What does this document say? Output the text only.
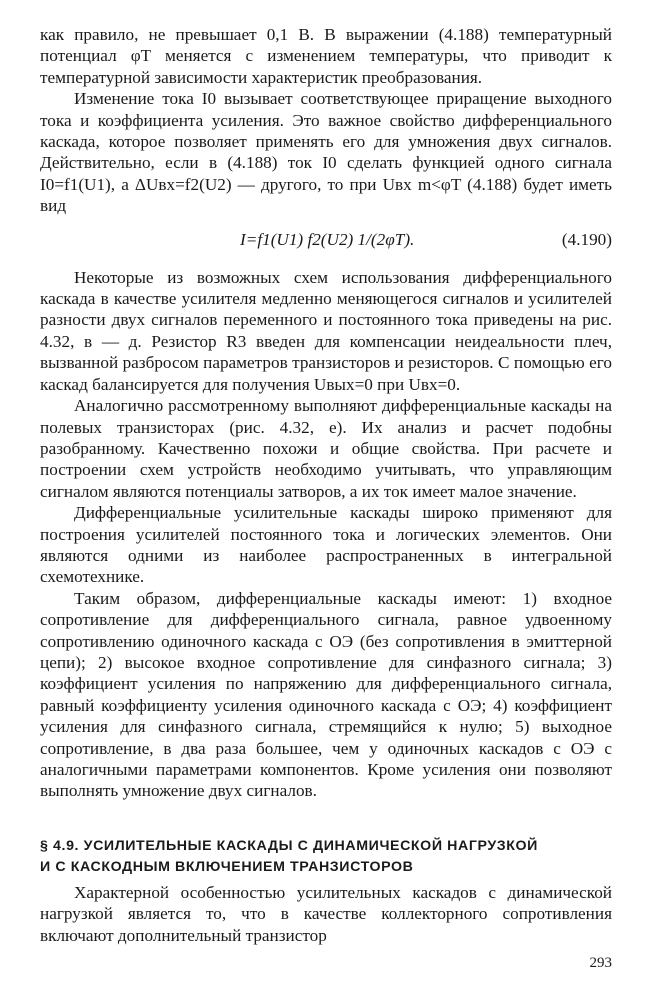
как правило, не превышает 0,1 В. В выражении (4.188) температурный потенциал φT меняется с изменением температуры, что приводит к температурной зависимости характеристик преобразования.

Изменение тока I0 вызывает соответствующее приращение выходного тока и коэффициента усиления. Это важное свойство дифференциального каскада, которое позволяет применять его для умножения двух сигналов. Действительно, если в (4.188) ток I0 сделать функцией одного сигнала I0=f1(U1), а ΔUвх=f2(U2) — другого, то при Uвх m<φT (4.188) будет иметь вид

I=f1(U1) f2(U2) 1/(2φT).	(4.190)

Некоторые из возможных схем использования дифференциального каскада в качестве усилителя медленно меняющегося сигналов и усилителей разности двух сигналов переменного и постоянного тока приведены на рис. 4.32, в — д. Резистор R3 введен для компенсации неидеальности плеч, вызванной разбросом параметров транзисторов и резисторов. С помощью его каскад балансируется для получения Uвых=0 при Uвх=0.

Аналогично рассмотренному выполняют дифференциальные каскады на полевых транзисторах (рис. 4.32, е). Их анализ и расчет подобны разобранному. Качественно похожи и общие свойства. При расчете и построении схем устройств необходимо учитывать, что управляющим сигналом являются потенциалы затворов, а их ток имеет малое значение.

Дифференциальные усилительные каскады широко применяют для построения усилителей постоянного тока и логических элементов. Они являются одними из наиболее распространенных в интегральной схемотехнике.

Таким образом, дифференциальные каскады имеют: 1) входное сопротивление для дифференциального сигнала, равное удвоенному сопротивлению одиночного каскада с ОЭ (без сопротивления в эмиттерной цепи); 2) высокое входное сопротивление для синфазного сигнала; 3) коэффициент усиления по напряжению для дифференциального сигнала, равный коэффициенту усиления одиночного каскада с ОЭ; 4) коэффициент усиления для синфазного сигнала, стремящийся к нулю; 5) выходное сопротивление, в два раза большее, чем у одиночных каскадов с ОЭ с аналогичными параметрами компонентов. Кроме усиления они позволяют выполнять умножение двух сигналов.

§ 4.9. УСИЛИТЕЛЬНЫЕ КАСКАДЫ С ДИНАМИЧЕСКОЙ НАГРУЗКОЙ
И С КАСКОДНЫМ ВКЛЮЧЕНИЕМ ТРАНЗИСТОРОВ

Характерной особенностью усилительных каскадов с динамической нагрузкой является то, что в качестве коллекторного сопротивления включают дополнительный транзистор

293
